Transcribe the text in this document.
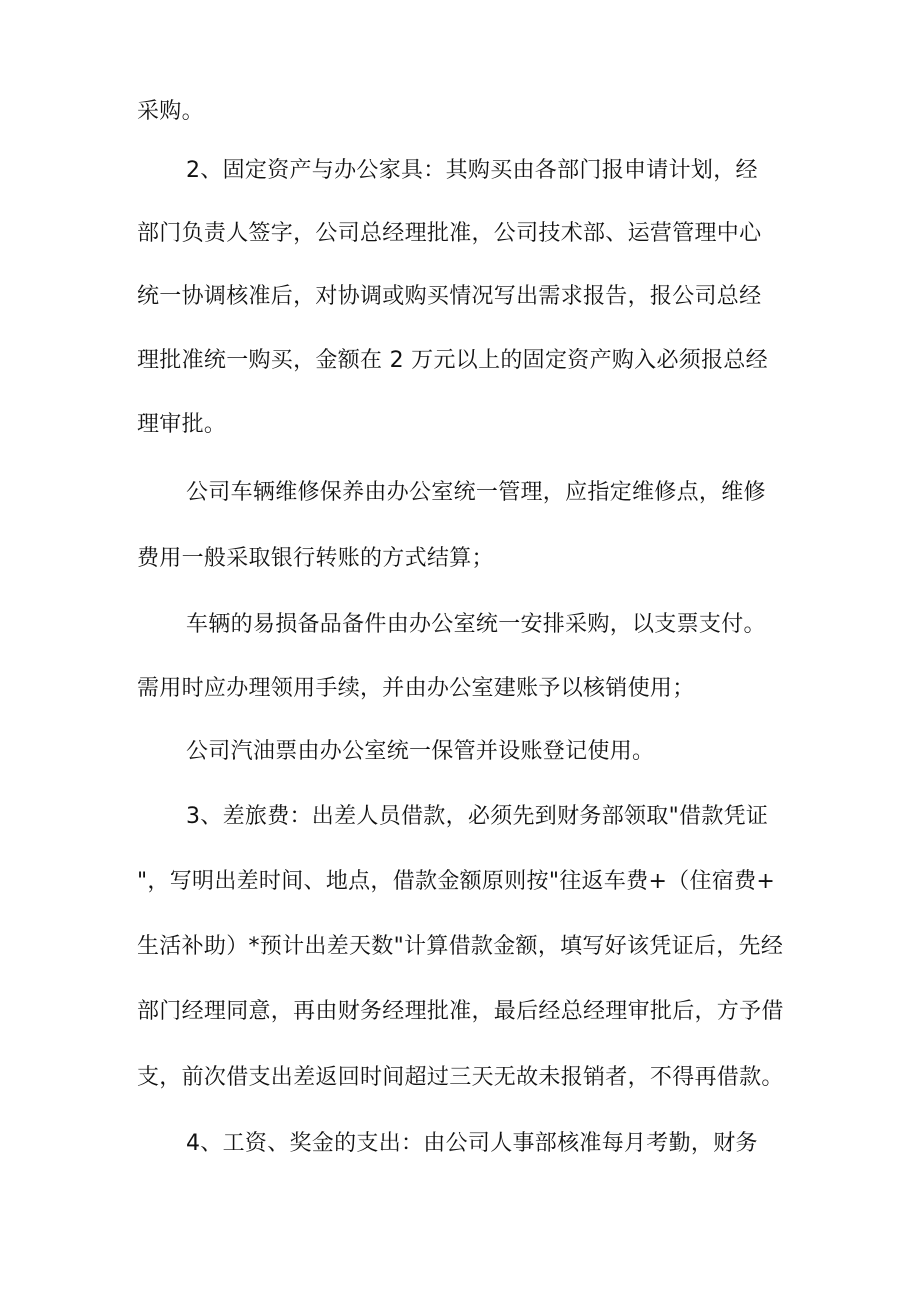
采购。
2、固定资产与办公家具：其购买由各部门报申请计划，经
部门负责人签字，公司总经理批准，公司技术部、运营管理中心
统一协调核准后，对协调或购买情况写出需求报告，报公司总经
理批准统一购买，金额在 2 万元以上的固定资产购入必须报总经
理审批。
公司车辆维修保养由办公室统一管理，应指定维修点，维修
费用一般采取银行转账的方式结算；
车辆的易损备品备件由办公室统一安排采购，以支票支付。
需用时应办理领用手续，并由办公室建账予以核销使用；
公司汽油票由办公室统一保管并设账登记使用。
3、差旅费：出差人员借款，必须先到财务部领取"借款凭证
"，写明出差时间、地点，借款金额原则按"往返车费+（住宿费+
生活补助）*预计出差天数"计算借款金额，填写好该凭证后，先经
部门经理同意，再由财务经理批准，最后经总经理审批后，方予借
支，前次借支出差返回时间超过三天无故未报销者，不得再借款。
4、工资、奖金的支出：由公司人事部核准每月考勤，财务
